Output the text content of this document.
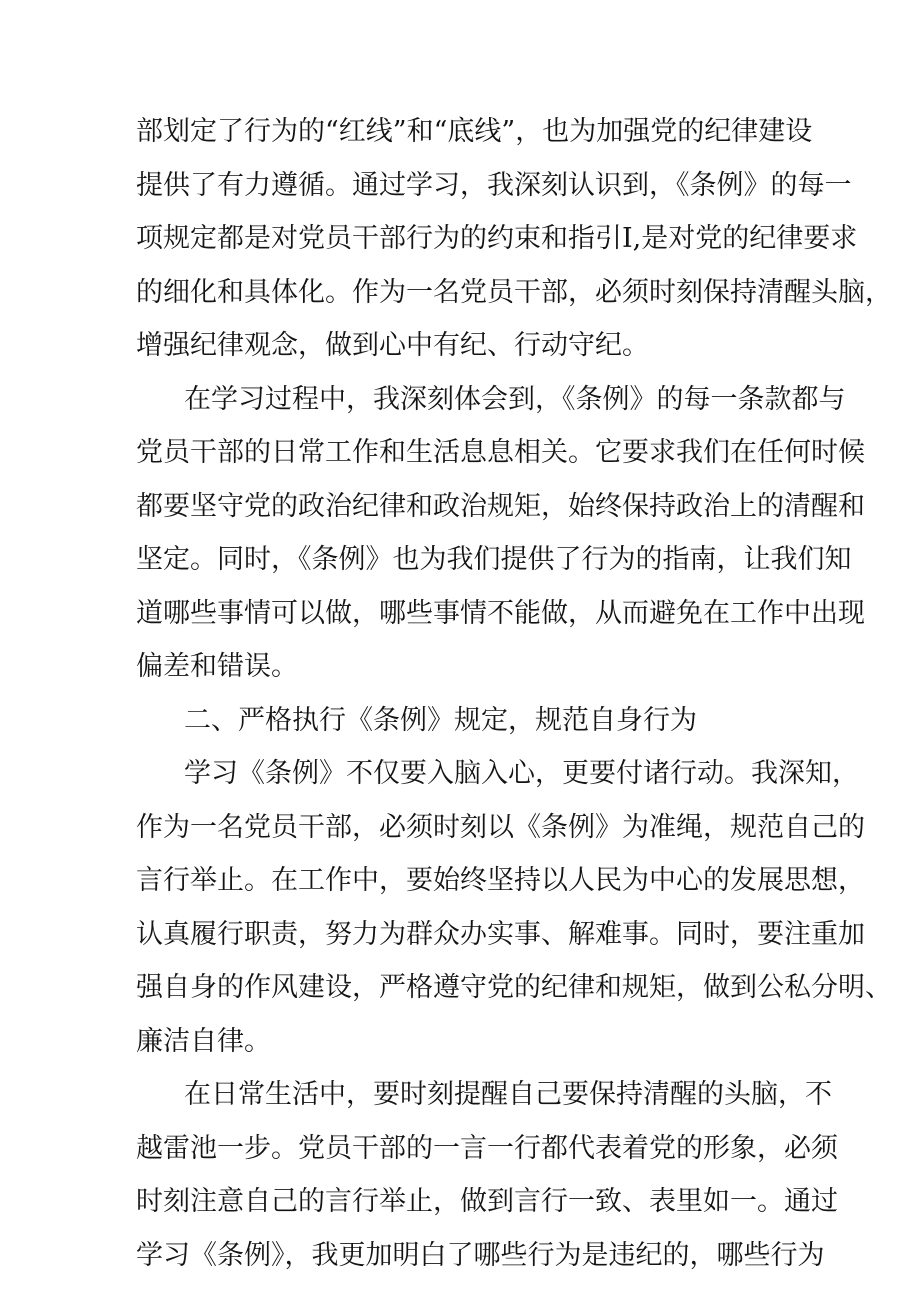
部划定了行为的“红线”和“底线”，也为加强党的纪律建设
提供了有力遵循。通过学习，我深刻认识到，《条例》的每一
项规定都是对党员干部行为的约束和指引I,是对党的纪律要求
的细化和具体化。作为一名党员干部，必须时刻保持清醒头脑，
增强纪律观念，做到心中有纪、行动守纪。
在学习过程中，我深刻体会到，《条例》的每一条款都与
党员干部的日常工作和生活息息相关。它要求我们在任何时候
都要坚守党的政治纪律和政治规矩，始终保持政治上的清醒和
坚定。同时，《条例》也为我们提供了行为的指南，让我们知
道哪些事情可以做，哪些事情不能做，从而避免在工作中出现
偏差和错误。
二、严格执行《条例》规定，规范自身行为
学习《条例》不仅要入脑入心，更要付诸行动。我深知，
作为一名党员干部，必须时刻以《条例》为准绳，规范自己的
言行举止。在工作中，要始终坚持以人民为中心的发展思想，
认真履行职责，努力为群众办实事、解难事。同时，要注重加
强自身的作风建设，严格遵守党的纪律和规矩，做到公私分明、
廉洁自律。
在日常生活中，要时刻提醒自己要保持清醒的头脑，不
越雷池一步。党员干部的一言一行都代表着党的形象，必须
时刻注意自己的言行举止，做到言行一致、表里如一。通过
学习《条例》，我更加明白了哪些行为是违纪的，哪些行为
